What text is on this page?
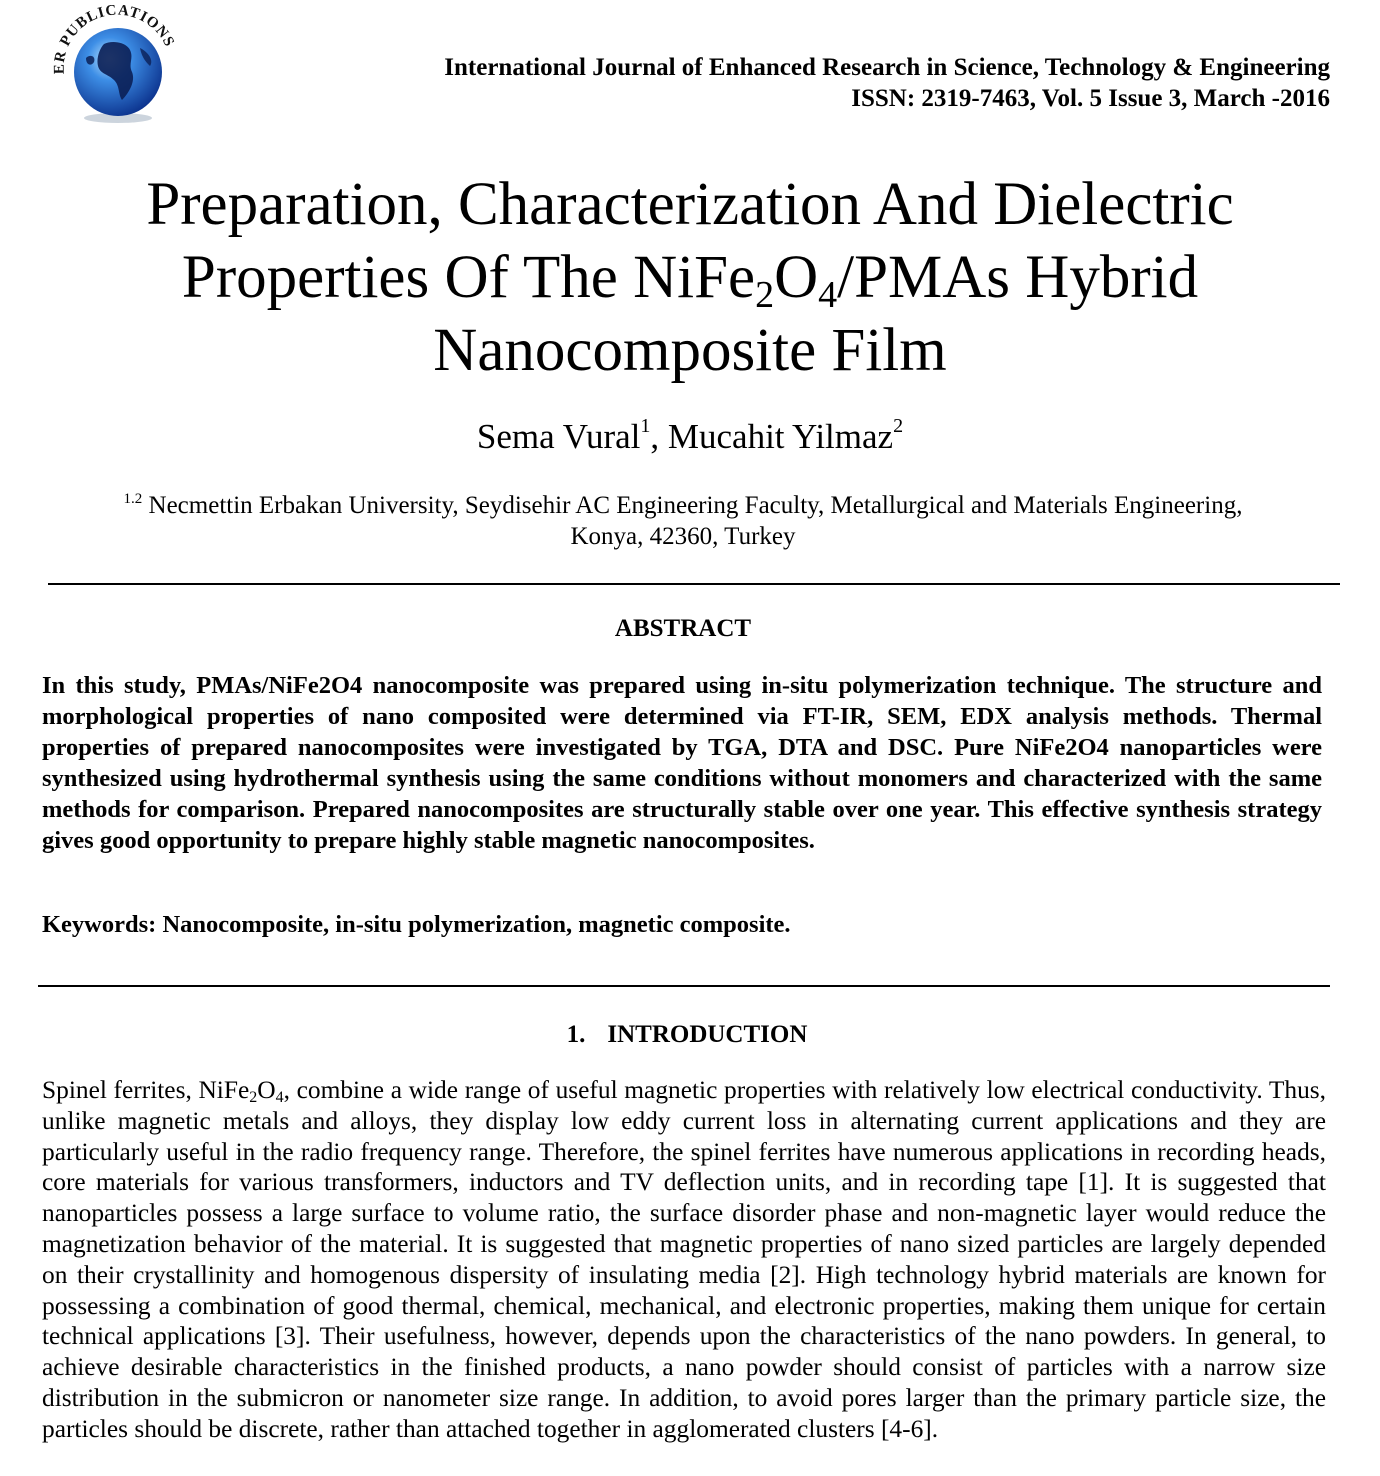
ER PUBLICATIONS
International Journal of Enhanced Research in Science, Technology & Engineering
ISSN: 2319-7463, Vol. 5 Issue 3, March -2016
Preparation, Characterization And Dielectric
Properties Of The $NiFe_2O_4$/PMAs Hybrid
Nanocomposite Film
Sema Vural$^1$, Mucahit Yilmaz$^2$
$^{1.2}$ Necmettin Erbakan University, Seydisehir AC Engineering Faculty, Metallurgical and Materials Engineering,
Konya, 42360, Turkey
ABSTRACT

In this study, PMAs/NiFe2O4 nanocomposite was prepared using in-situ polymerization technique. The structure and morphological properties of nano composited were determined via FT-IR, SEM, EDX analysis methods. Thermal properties of prepared nanocomposites were investigated by TGA, DTA and DSC. Pure NiFe2O4 nanoparticles were synthesized using hydrothermal synthesis using the same conditions without monomers and characterized with the same methods for comparison. Prepared nanocomposites are structurally stable over one year. This effective synthesis strategy gives good opportunity to prepare highly stable magnetic nanocomposites.

Keywords: Nanocomposite, in-situ polymerization, magnetic composite.

1. INTRODUCTION

Spinel ferrites, $NiFe_2O_4$, combine a wide range of useful magnetic properties with relatively low electrical conductivity. Thus, unlike magnetic metals and alloys, they display low eddy current loss in alternating current applications and they are particularly useful in the radio frequency range. Therefore, the spinel ferrites have numerous applications in recording heads, core materials for various transformers, inductors and TV deflection units, and in recording tape [1]. It is suggested that nanoparticles possess a large surface to volume ratio, the surface disorder phase and non-magnetic layer would reduce the magnetization behavior of the material. It is suggested that magnetic properties of nano sized particles are largely depended on their crystallinity and homogenous dispersity of insulating media [2]. High technology hybrid materials are known for possessing a combination of good thermal, chemical, mechanical, and electronic properties, making them unique for certain technical applications [3]. Their usefulness, however, depends upon the characteristics of the nano powders. In general, to achieve desirable characteristics in the finished products, a nano powder should consist of particles with a narrow size distribution in the submicron or nanometer size range. In addition, to avoid pores larger than the primary particle size, the particles should be discrete, rather than attached together in agglomerated clusters [4-6].
